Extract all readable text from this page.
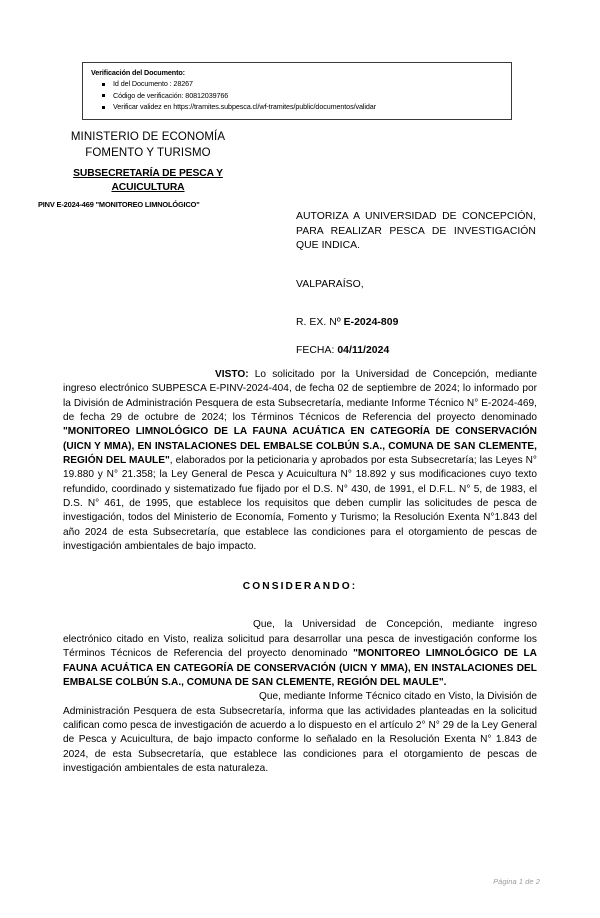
Verificación del Documento:
Id del Documento : 28267
Código de verificación: 80812039766
Verificar validez en https://tramites.subpesca.cl/wf-tramites/public/documentos/validar
MINISTERIO DE ECONOMÍA
FOMENTO Y TURISMO
SUBSECRETARÍA DE PESCA Y ACUICULTURA
PINV E-2024-469 "MONITOREO LIMNOLÓGICO"
AUTORIZA A UNIVERSIDAD DE CONCEPCIÓN, PARA REALIZAR PESCA DE INVESTIGACIÓN QUE INDICA.
VALPARAÍSO,
R. EX. Nº E-2024-809
FECHA: 04/11/2024

VISTO: Lo solicitado por la Universidad de Concepción, mediante ingreso electrónico SUBPESCA E-PINV-2024-404, de fecha 02 de septiembre de 2024; lo informado por la División de Administración Pesquera de esta Subsecretaría, mediante Informe Técnico N° E-2024-469, de fecha 29 de octubre de 2024; los Términos Técnicos de Referencia del proyecto denominado "MONITOREO LIMNOLÓGICO DE LA FAUNA ACUÁTICA EN CATEGORÍA DE CONSERVACIÓN (UICN Y MMA), EN INSTALACIONES DEL EMBALSE COLBÚN S.A., COMUNA DE SAN CLEMENTE, REGIÓN DEL MAULE", elaborados por la peticionaria y aprobados por esta Subsecretaría; las Leyes N° 19.880 y N° 21.358; la Ley General de Pesca y Acuicultura N° 18.892 y sus modificaciones cuyo texto refundido, coordinado y sistematizado fue fijado por el D.S. N° 430, de 1991, el D.F.L. N° 5, de 1983, el D.S. N° 461, de 1995, que establece los requisitos que deben cumplir las solicitudes de pesca de investigación, todos del Ministerio de Economía, Fomento y Turismo; la Resolución Exenta N°1.843 del año 2024 de esta Subsecretaría, que establece las condiciones para el otorgamiento de pescas de investigación ambientales de bajo impacto.

CONSIDERANDO:

Que, la Universidad de Concepción, mediante ingreso electrónico citado en Visto, realiza solicitud para desarrollar una pesca de investigación conforme los Términos Técnicos de Referencia del proyecto denominado "MONITOREO LIMNOLÓGICO DE LA FAUNA ACUÁTICA EN CATEGORÍA DE CONSERVACIÓN (UICN Y MMA), EN INSTALACIONES DEL EMBALSE COLBÚN S.A., COMUNA DE SAN CLEMENTE, REGIÓN DEL MAULE".

Que, mediante Informe Técnico citado en Visto, la División de Administración Pesquera de esta Subsecretaría, informa que las actividades planteadas en la solicitud califican como pesca de investigación de acuerdo a lo dispuesto en el artículo 2° N° 29 de la Ley General de Pesca y Acuicultura, de bajo impacto conforme lo señalado en la Resolución Exenta N° 1.843 de 2024, de esta Subsecretaría, que establece las condiciones para el otorgamiento de pescas de investigación ambientales de esta naturaleza.

Página 1 de 2
